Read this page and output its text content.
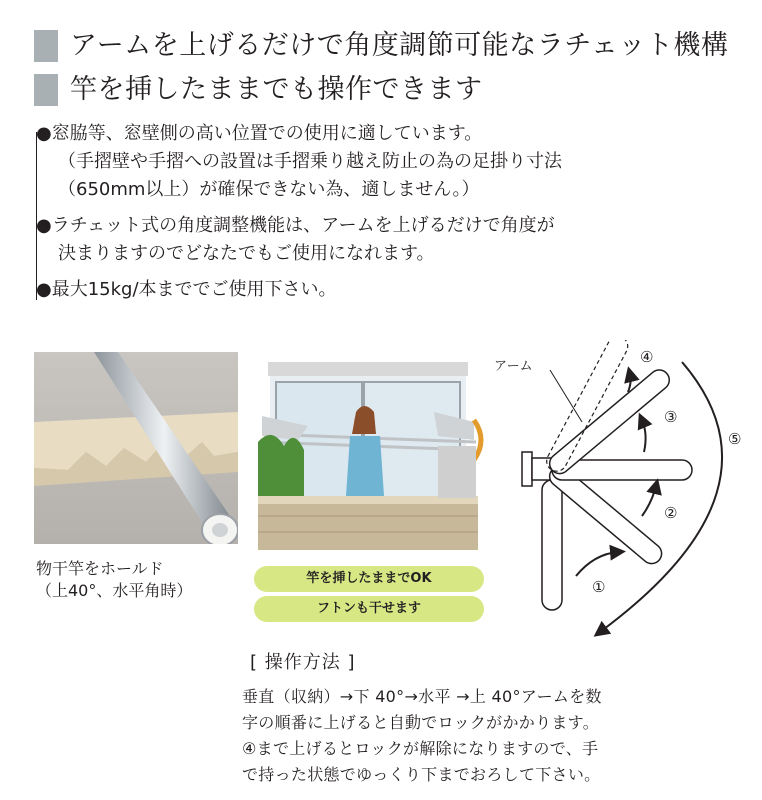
アームを上げるだけで角度調節可能なラチェット機構
竿を挿したままでも操作できます
●窓脇等、窓壁側の高い位置での使用に適しています。
（手摺壁や手摺への設置は手摺乗り越え防止の為の足掛り寸法
（650mm以上）が確保できない為、適しません。）
●ラチェット式の角度調整機能は、アームを上げるだけで角度が
決まりますのでどなたでもご使用になれます。
●最大15kg/本まででご使用下さい。
物干竿をホールド
（上40°、水平角時）
竿を挿したままでOK
フトンも干せます
アーム
①
②
③
④
⑤
[ 操作方法 ]
垂直（収納）→下 40°→水平 →上 40°アームを数
字の順番に上げると自動でロックがかかります。
④まで上げるとロックが解除になりますので、手
で持った状態でゆっくり下までおろして下さい。
